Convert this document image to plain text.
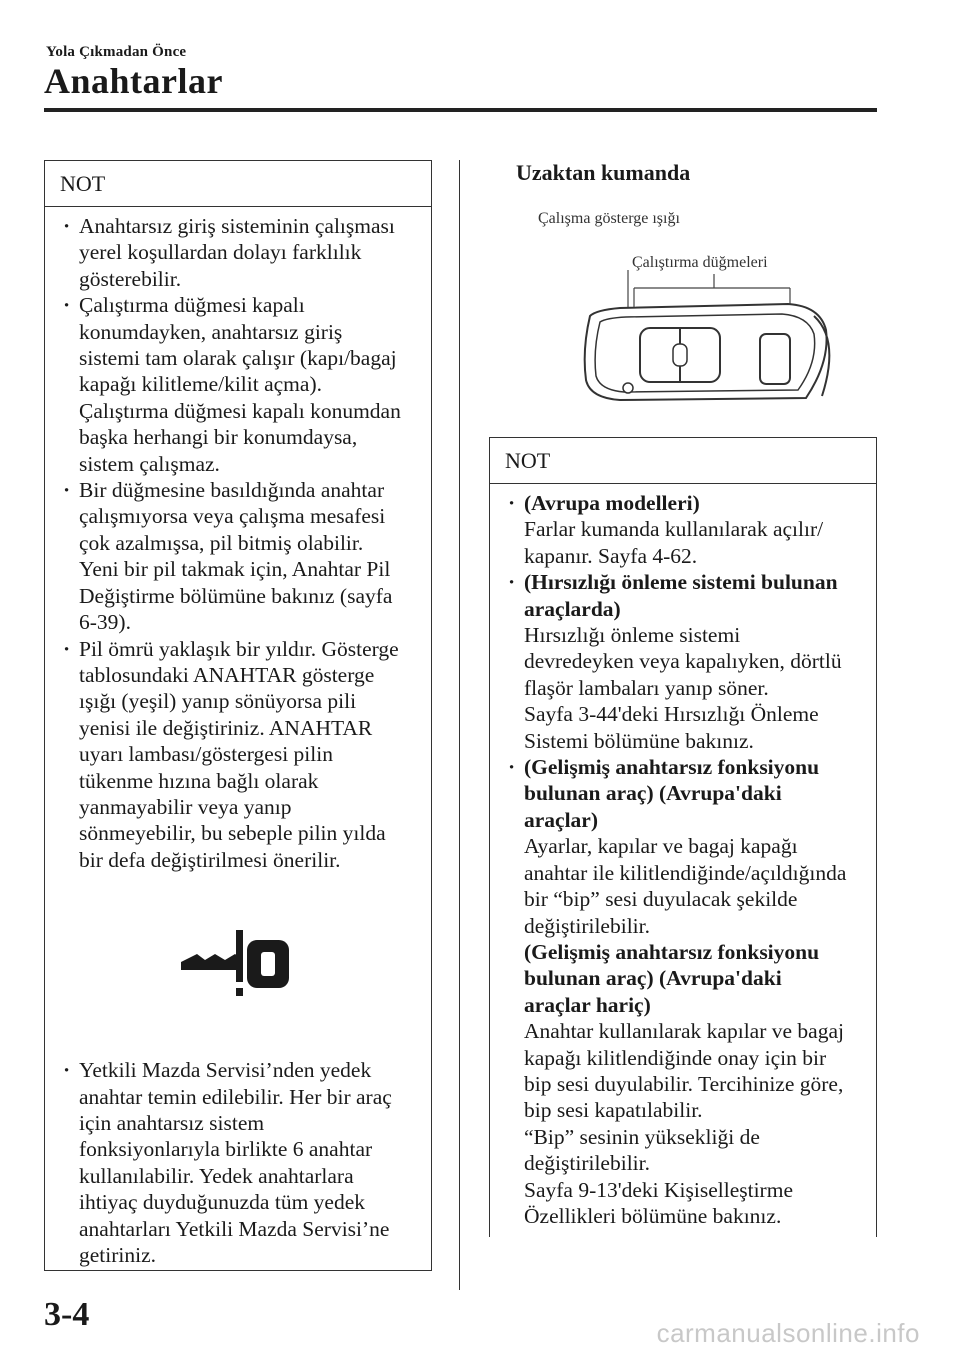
Yola Çıkmadan Önce
Anahtarlar
NOT

· Anahtarsız giriş sisteminin çalışması
yerel koşullardan dolayı farklılık
gösterebilir.

· Çalıştırma düğmesi kapalı
konumdayken, anahtarsız giriş
sistemi tam olarak çalışır (kapı/bagaj
kapağı kilitleme/kilit açma).
Çalıştırma düğmesi kapalı konumdan
başka herhangi bir konumdaysa,
sistem çalışmaz.

· Bir düğmesine basıldığında anahtar
çalışmıyorsa veya çalışma mesafesi
çok azalmışsa, pil bitmiş olabilir.
Yeni bir pil takmak için, Anahtar Pil
Değiştirme bölümüne bakınız (sayfa
6-39).

· Pil ömrü yaklaşık bir yıldır. Gösterge
tablosundaki ANAHTAR gösterge
ışığı (yeşil) yanıp sönüyorsa pili
yenisi ile değiştiriniz. ANAHTAR
uyarı lambası/göstergesi pilin
tükenme hızına bağlı olarak
yanmayabilir veya yanıp
sönmeyebilir, bu sebeple pilin yılda
bir defa değiştirilmesi önerilir.

· Yetkili Mazda Servisi’nden yedek
anahtar temin edilebilir. Her bir araç
için anahtarsız sistem
fonksiyonlarıyla birlikte 6 anahtar
kullanılabilir. Yedek anahtarlara
ihtiyaç duyduğunuzda tüm yedek
anahtarları Yetkili Mazda Servisi’ne
getiriniz.

Uzaktan kumanda
Çalışma gösterge ışığı
Çalıştırma düğmeleri
NOT

· (Avrupa modelleri)
Farlar kumanda kullanılarak açılır/
kapanır. Sayfa 4-62.

· (Hırsızlığı önleme sistemi bulunan
araçlarda)
Hırsızlığı önleme sistemi
devredeyken veya kapalıyken, dörtlü
flaşör lambaları yanıp söner.
Sayfa 3-44'deki Hırsızlığı Önleme
Sistemi bölümüne bakınız.

· (Gelişmiş anahtarsız fonksiyonu
bulunan araç) (Avrupa'daki
araçlar)
Ayarlar, kapılar ve bagaj kapağı
anahtar ile kilitlendiğinde/açıldığında
bir “bip” sesi duyulacak şekilde
değiştirilebilir.
(Gelişmiş anahtarsız fonksiyonu
bulunan araç) (Avrupa'daki
araçlar hariç)
Anahtar kullanılarak kapılar ve bagaj
kapağı kilitlendiğinde onay için bir
bip sesi duyulabilir. Tercihinize göre,
bip sesi kapatılabilir.
“Bip” sesinin yüksekliği de
değiştirilebilir.
Sayfa 9-13'deki Kişiselleştirme
Özellikleri bölümüne bakınız.

3-4	carmanualsonline.info
